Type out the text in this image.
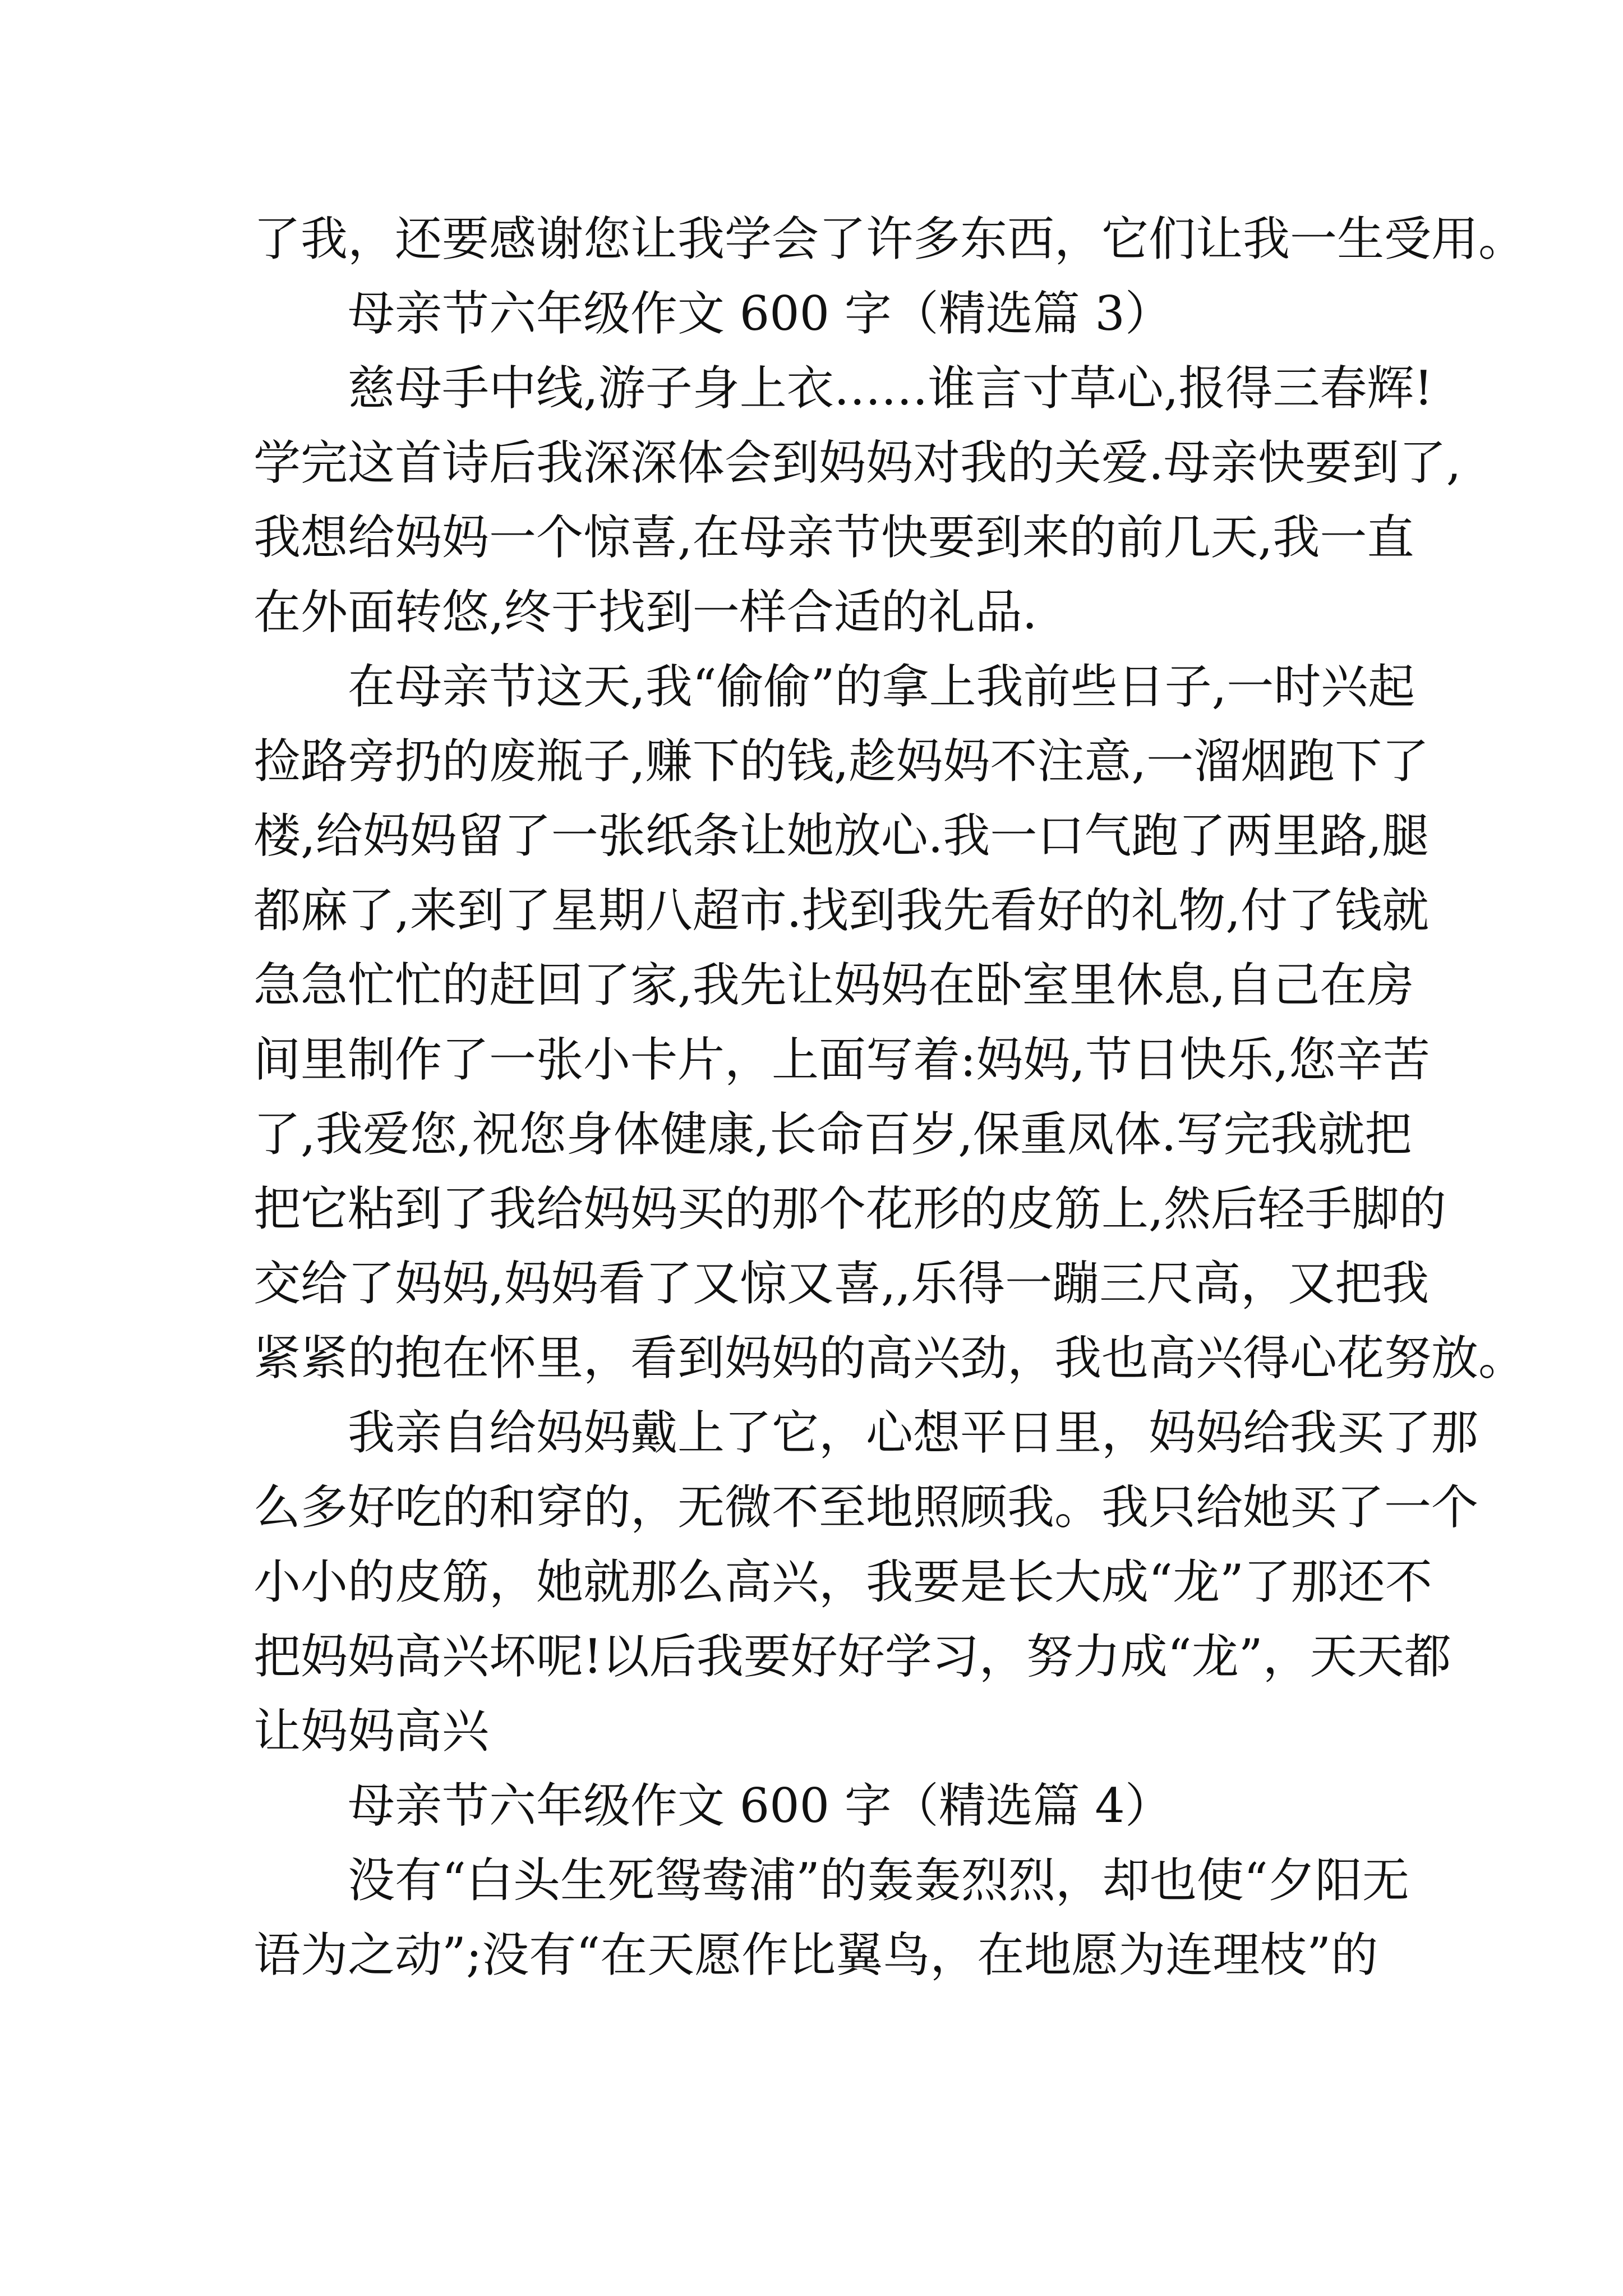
了我，还要感谢您让我学会了许多东西，它们让我一生受用。
母亲节六年级作文 600 字（精选篇 3）
慈母手中线,游子身上衣……谁言寸草心,报得三春辉!
学完这首诗后我深深体会到妈妈对我的关爱.母亲快要到了,
我想给妈妈一个惊喜,在母亲节快要到来的前几天,我一直
在外面转悠,终于找到一样合适的礼品.
在母亲节这天,我“偷偷”的拿上我前些日子,一时兴起
捡路旁扔的废瓶子,赚下的钱,趁妈妈不注意,一溜烟跑下了
楼,给妈妈留了一张纸条让她放心.我一口气跑了两里路,腿
都麻了,来到了星期八超市.找到我先看好的礼物,付了钱就
急急忙忙的赶回了家,我先让妈妈在卧室里休息,自己在房
间里制作了一张小卡片，上面写着:妈妈,节日快乐,您辛苦
了,我爱您,祝您身体健康,长命百岁,保重凤体.写完我就把
把它粘到了我给妈妈买的那个花形的皮筋上,然后轻手脚的
交给了妈妈,妈妈看了又惊又喜,,乐得一蹦三尺高，又把我
紧紧的抱在怀里，看到妈妈的高兴劲，我也高兴得心花努放。
我亲自给妈妈戴上了它，心想平日里，妈妈给我买了那
么多好吃的和穿的，无微不至地照顾我。我只给她买了一个
小小的皮筋，她就那么高兴，我要是长大成“龙”了那还不
把妈妈高兴坏呢!以后我要好好学习，努力成“龙”，天天都
让妈妈高兴
母亲节六年级作文 600 字（精选篇 4）
没有“白头生死鸳鸯浦”的轰轰烈烈，却也使“夕阳无
语为之动”;没有“在天愿作比翼鸟，在地愿为连理枝”的
